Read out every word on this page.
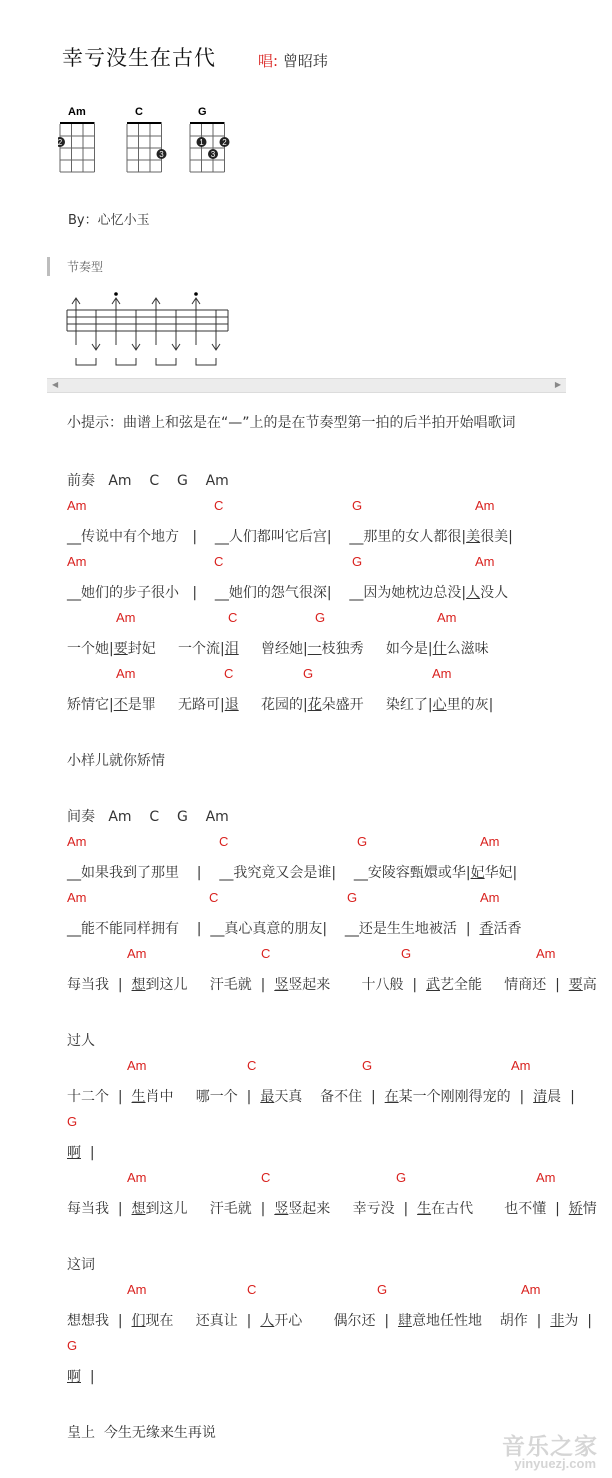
幸亏没生在古代	唱: 曾昭玮
Am
2
C
3
G
1 2
3
By：心忆小玉
节奏型
◀	▶
小提示：曲谱上和弦是在“—”上的是在节奏型第一拍的后半拍开始唱歌词
前奏   Am    C    G    Am
Am	C	G	Am
__传说中有个地方   |    __人们都叫它后宫|    __那里的女人都很|美很美|
Am	C	G	Am
__她们的步子很小   |    __她们的怨气很深|    __因为她枕边总没|人没人
Am	C	G	Am
一个她|要封妃     一个流|泪     曾经她|一枝独秀     如今是|什么滋味
Am	C	G	Am
矫情它|不是罪     无路可|退     花园的|花朵盛开     染红了|心里的灰|
小样儿就你矫情
间奏   Am    C    G    Am
Am	C	G	Am
__如果我到了那里    |    __我究竟又会是谁|    __安陵容甄嬛或华|妃华妃|
Am	C	G	Am
__能不能同样拥有    |  __真心真意的朋友|    __还是生生地被活  |  香活香
Am	C	G	Am
每当我  |  想到这儿     汗毛就  |  竖竖起来       十八般  |  武艺全能     情商还  |  要高
过人
Am	C	G	Am
十二个  |  生肖中     哪一个  |  最天真    备不住  |  在某一个刚刚得宠的  |  清晨  |
G
啊  |
Am	C	G	Am
每当我  |  想到这儿     汗毛就  |  竖竖起来     幸亏没  |  生在古代       也不懂  |  矫情
这词
Am	C	G	Am
想想我  |  们现在     还真让  |  人开心       偶尔还  |  肆意地任性地    胡作  |  非为  |
G
啊  |
皇上  今生无缘来生再说
音乐之家
yinyuezj.com
